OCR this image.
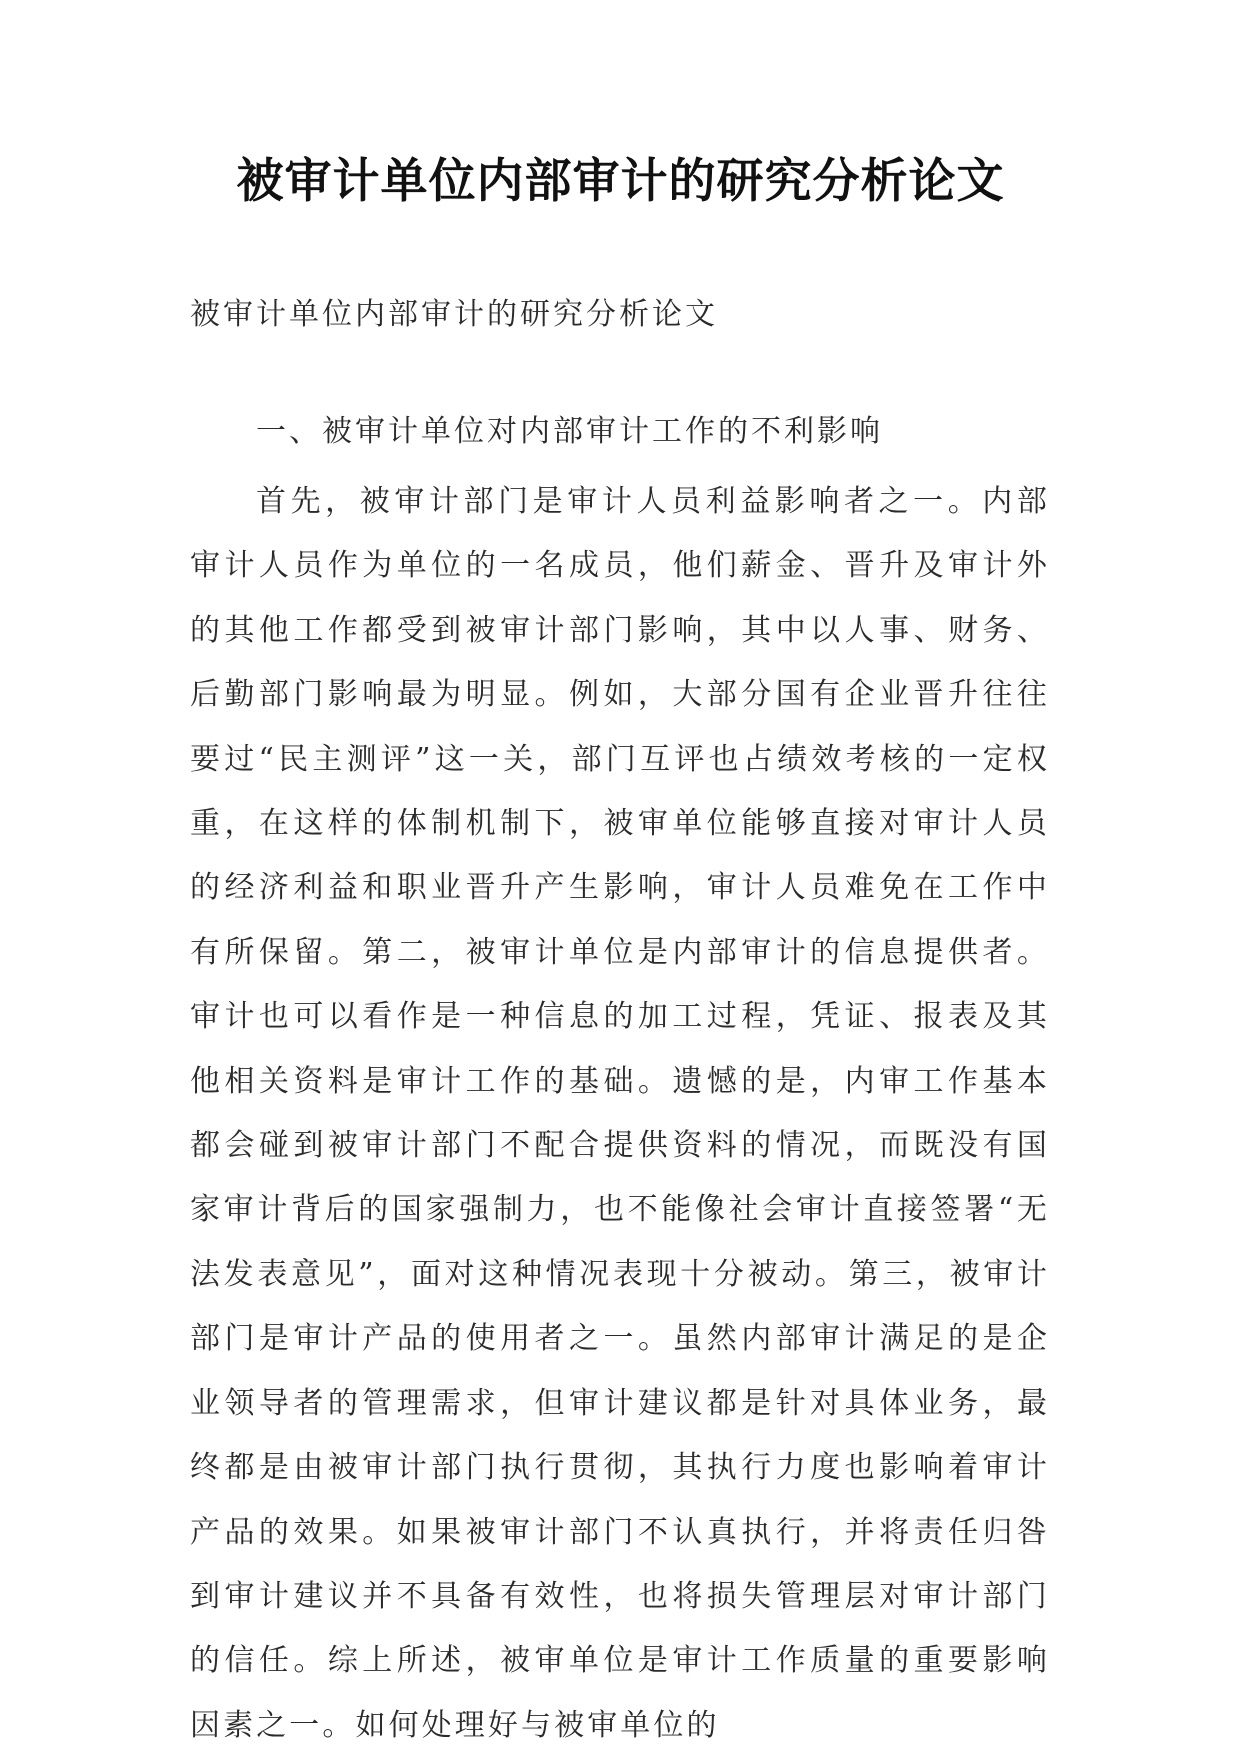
被审计单位内部审计的研究分析论文

被审计单位内部审计的研究分析论文

一、被审计单位对内部审计工作的不利影响

首先，被审计部门是审计人员利益影响者之一。内部审计人员作为单位的一名成员，他们薪金、晋升及审计外的其他工作都受到被审计部门影响，其中以人事、财务、后勤部门影响最为明显。例如，大部分国有企业晋升往往要过“民主测评”这一关，部门互评也占绩效考核的一定权重，在这样的体制机制下，被审单位能够直接对审计人员的经济利益和职业晋升产生影响，审计人员难免在工作中有所保留。第二，被审计单位是内部审计的信息提供者。审计也可以看作是一种信息的加工过程，凭证、报表及其他相关资料是审计工作的基础。遗憾的是，内审工作基本都会碰到被审计部门不配合提供资料的情况，而既没有国家审计背后的国家强制力，也不能像社会审计直接签署“无法发表意见”，面对这种情况表现十分被动。第三，被审计部门是审计产品的使用者之一。虽然内部审计满足的是企业领导者的管理需求，但审计建议都是针对具体业务，最终都是由被审计部门执行贯彻，其执行力度也影响着审计产品的效果。如果被审计部门不认真执行，并将责任归咎到审计建议并不具备有效性，也将损失管理层对审计部门的信任。综上所述，被审单位是审计工作质量的重要影响因素之一。如何处理好与被审单位的
